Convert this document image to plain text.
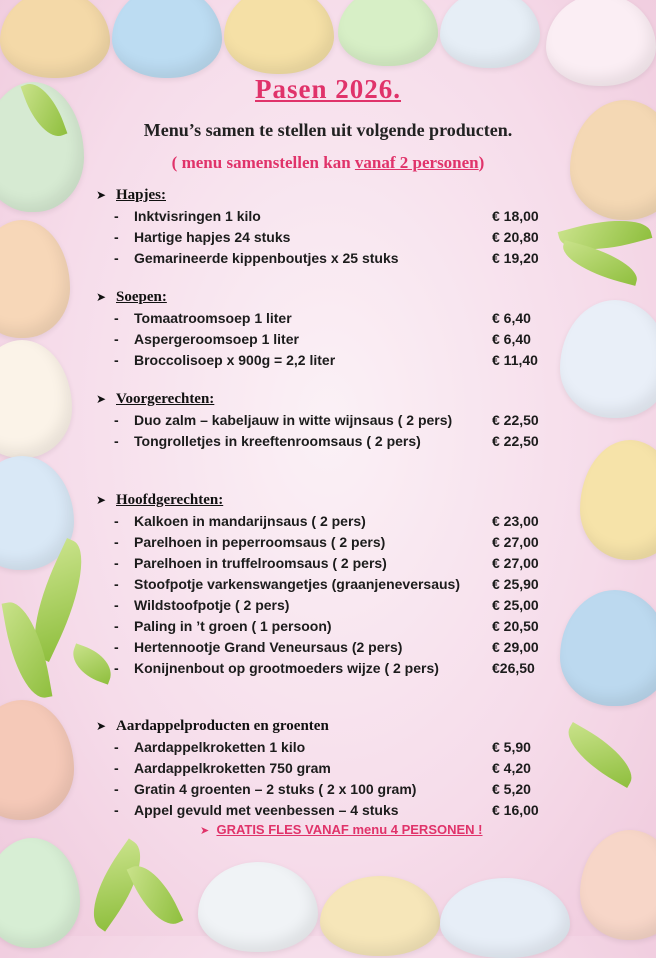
Pasen 2026.
Menu’s samen te stellen uit volgende producten.
( menu samenstellen kan vanaf 2 personen)
➤ Hapjes:
- Inktvisringen 1 kilo	€ 18,00
- Hartige hapjes 24 stuks	€ 20,80
- Gemarineerde kippenboutjes x 25 stuks	€ 19,20
➤ Soepen:
- Tomaatroomsoep 1 liter	€ 6,40
- Aspergeroomsoep 1 liter	€ 6,40
- Broccolisoep x 900g = 2,2 liter	€ 11,40
➤ Voorgerechten:
- Duo zalm – kabeljauw in witte wijnsaus ( 2 pers)	€ 22,50
- Tongrolletjes in kreeftenroomsaus ( 2 pers)	€ 22,50
➤ Hoofdgerechten:
- Kalkoen in mandarijnsaus ( 2 pers)	€ 23,00
- Parelhoen in peperroomsaus ( 2 pers)	€ 27,00
- Parelhoen in truffelroomsaus ( 2 pers)	€ 27,00
- Stoofpotje varkenswangetjes (graanjeneversaus) € 25,90
- Wildstoofpotje ( 2 pers)	€ 25,00
- Paling in ’t groen ( 1 persoon)	€ 20,50
- Hertennootje Grand Veneursaus (2 pers)	€ 29,00
- Konijnenbout op grootmoeders wijze ( 2 pers)	€26,50
➤ Aardappelproducten en groenten
- Aardappelkroketten 1 kilo	€ 5,90
- Aardappelkroketten 750 gram	€ 4,20
- Gratin 4 groenten – 2 stuks ( 2 x 100 gram)	€ 5,20
- Appel gevuld met veenbessen – 4 stuks	€ 16,00
➤ GRATIS FLES VANAF menu 4 PERSONEN !
